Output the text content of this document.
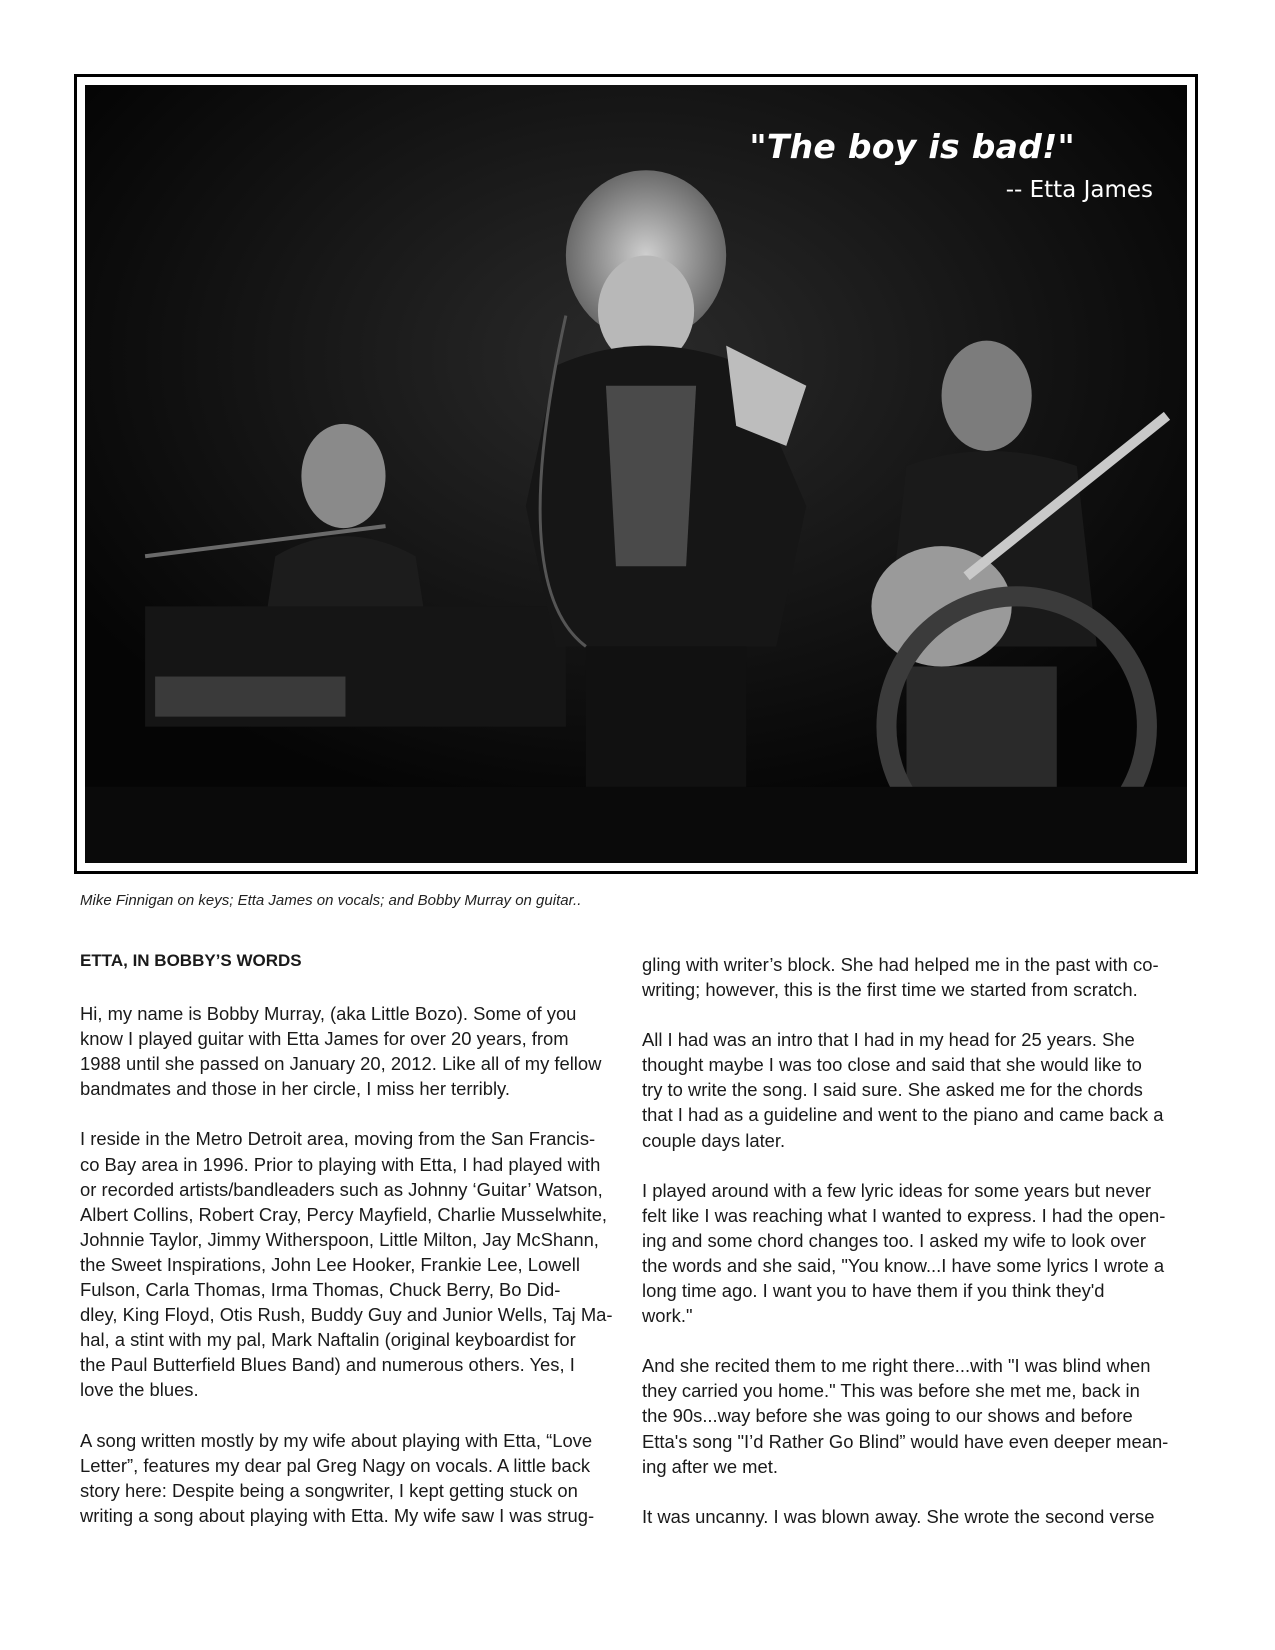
"The boy is bad!"
-- Etta James
Mike Finnigan on keys; Etta James on vocals; and Bobby Murray on guitar..
ETTA, IN BOBBY’S WORDS

Hi, my name is Bobby Murray, (aka Little Bozo). Some of you
know I played guitar with Etta James for over 20 years, from
1988 until she passed on January 20, 2012. Like all of my fellow
bandmates and those in her circle, I miss her terribly.

I reside in the Metro Detroit area, moving from the San Francis-
co Bay area in 1996. Prior to playing with Etta, I had played with
or recorded artists/bandleaders such as Johnny ‘Guitar’ Watson,
Albert Collins, Robert Cray, Percy Mayfield, Charlie Musselwhite,
Johnnie Taylor, Jimmy Witherspoon, Little Milton, Jay McShann,
the Sweet Inspirations, John Lee Hooker, Frankie Lee, Lowell
Fulson, Carla Thomas, Irma Thomas, Chuck Berry, Bo Did-
dley, King Floyd, Otis Rush, Buddy Guy and Junior Wells, Taj Ma-
hal, a stint with my pal, Mark Naftalin (original keyboardist for
the Paul Butterfield Blues Band) and numerous others. Yes, I
love the blues.

A song written mostly by my wife about playing with Etta, “Love
Letter”, features my dear pal Greg Nagy on vocals. A little back
story here: Despite being a songwriter, I kept getting stuck on
writing a song about playing with Etta. My wife saw I was strug-

gling with writer’s block. She had helped me in the past with co-
writing; however, this is the first time we started from scratch.

All I had was an intro that I had in my head for 25 years. She
thought maybe I was too close and said that she would like to
try to write the song. I said sure. She asked me for the chords
that I had as a guideline and went to the piano and came back a
couple days later.

I played around with a few lyric ideas for some years but never
felt like I was reaching what I wanted to express. I had the open-
ing and some chord changes too. I asked my wife to look over
the words and she said, "You know...I have some lyrics I wrote a
long time ago. I want you to have them if you think they'd
work."

And she recited them to me right there...with "I was blind when
they carried you home." This was before she met me, back in
the 90s...way before she was going to our shows and before
Etta's song "I’d Rather Go Blind” would have even deeper mean-
ing after we met.

It was uncanny. I was blown away. She wrote the second verse
